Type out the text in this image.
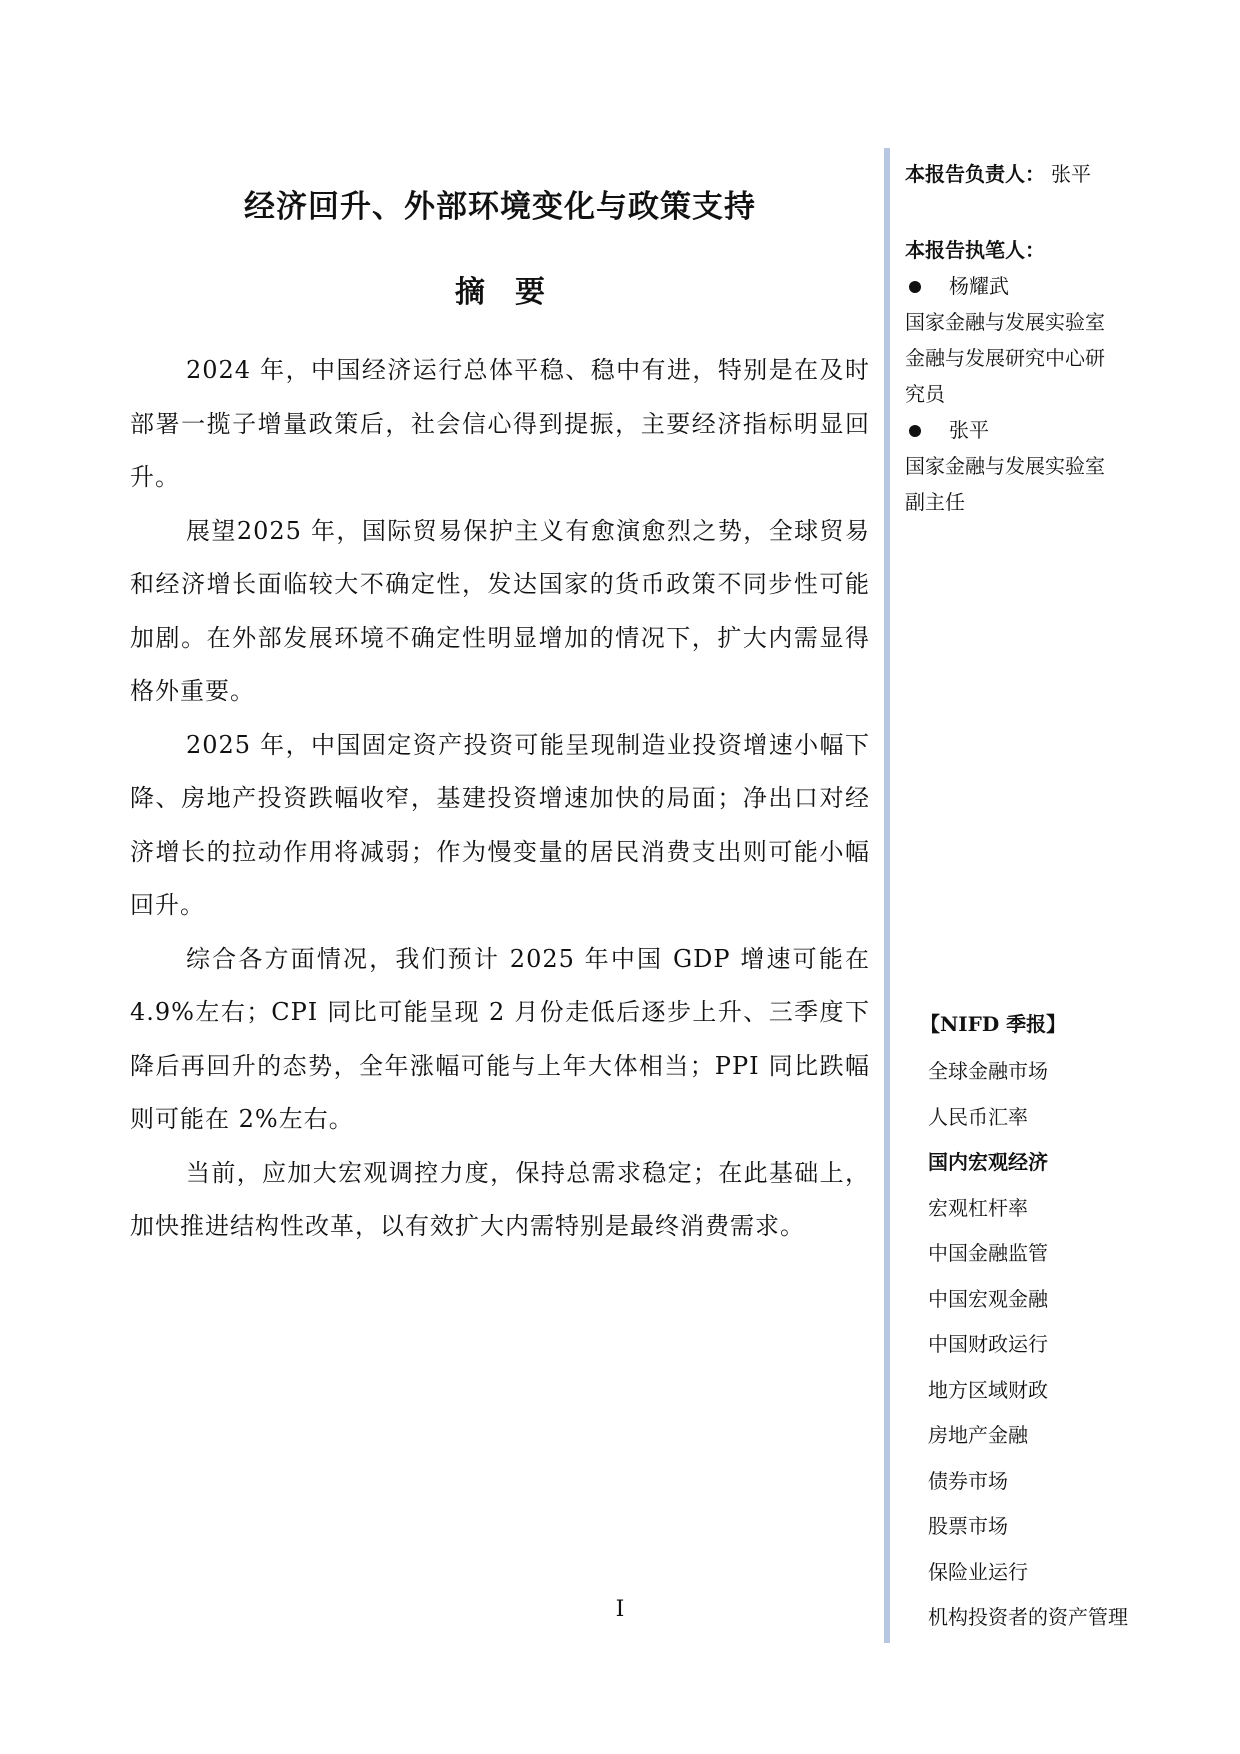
经济回升、外部环境变化与政策支持
摘要

2024 年，中国经济运行总体平稳、稳中有进，特别是在及时部署一揽子增量政策后，社会信心得到提振，主要经济指标明显回升。

展望2025 年，国际贸易保护主义有愈演愈烈之势，全球贸易和经济增长面临较大不确定性，发达国家的货币政策不同步性可能加剧。在外部发展环境不确定性明显增加的情况下，扩大内需显得格外重要。

2025 年，中国固定资产投资可能呈现制造业投资增速小幅下降、房地产投资跌幅收窄，基建投资增速加快的局面；净出口对经济增长的拉动作用将减弱；作为慢变量的居民消费支出则可能小幅回升。

综合各方面情况，我们预计 2025 年中国 GDP 增速可能在 4.9%左右；CPI 同比可能呈现 2 月份走低后逐步上升、三季度下降后再回升的态势，全年涨幅可能与上年大体相当；PPI 同比跌幅则可能在 2%左右。

当前，应加大宏观调控力度，保持总需求稳定；在此基础上，加快推进结构性改革，以有效扩大内需特别是最终消费需求。

本报告负责人： 张平

本报告执笔人：

杨耀武

国家金融与发展实验室

金融与发展研究中心研

究员

张平

国家金融与发展实验室

副主任

【NIFD 季报】

全球金融市场

人民币汇率

国内宏观经济

宏观杠杆率

中国金融监管

中国宏观金融

中国财政运行

地方区域财政

房地产金融

债券市场

股票市场

保险业运行

机构投资者的资产管理

I
